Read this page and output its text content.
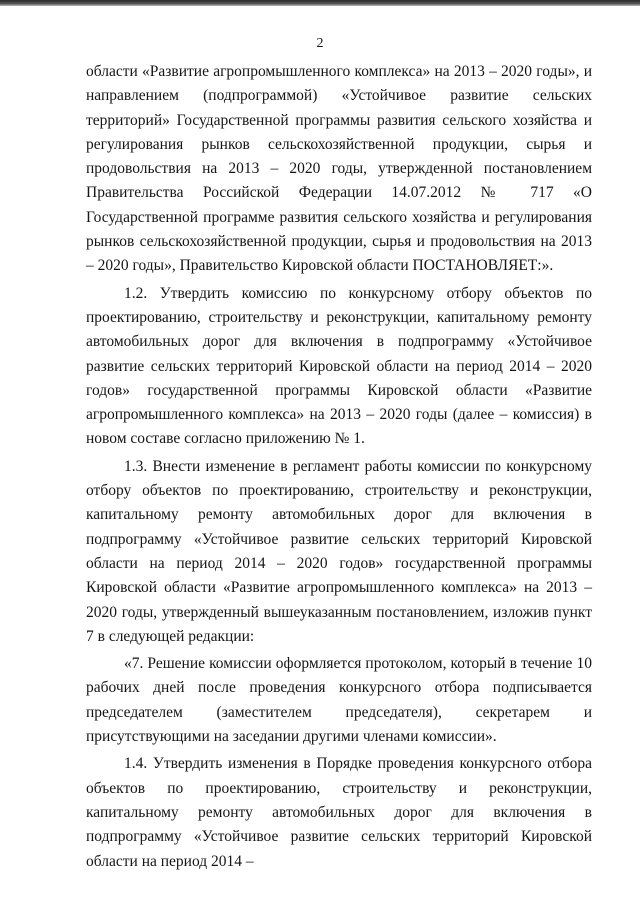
2

области «Развитие агропромышленного комплекса» на 2013 – 2020 годы», и направлением (подпрограммой) «Устойчивое развитие сельских территорий» Государственной программы развития сельского хозяйства и регулирования рынков сельскохозяйственной продукции, сырья и продовольствия на 2013 – 2020 годы, утвержденной постановлением Правительства Российской Федерации 14.07.2012 № 717 «О Государственной программе развития сельского хозяйства и регулирования рынков сельскохозяйственной продукции, сырья и продовольствия на 2013 – 2020 годы», Правительство Кировской области ПОСТАНОВЛЯЕТ:».

1.2. Утвердить комиссию по конкурсному отбору объектов по проектированию, строительству и реконструкции, капитальному ремонту автомобильных дорог для включения в подпрограмму «Устойчивое развитие сельских территорий Кировской области на период 2014 – 2020 годов» государственной программы Кировской области «Развитие агропромышленного комплекса» на 2013 – 2020 годы (далее – комиссия) в новом составе согласно приложению № 1.

1.3. Внести изменение в регламент работы комиссии по конкурсному отбору объектов по проектированию, строительству и реконструкции, капитальному ремонту автомобильных дорог для включения в подпрограмму «Устойчивое развитие сельских территорий Кировской области на период 2014 – 2020 годов» государственной программы Кировской области «Развитие агропромышленного комплекса» на 2013 – 2020 годы, утвержденный вышеуказанным постановлением, изложив пункт 7 в следующей редакции:

«7. Решение комиссии оформляется протоколом, который в течение 10 рабочих дней после проведения конкурсного отбора подписывается председателем (заместителем председателя), секретарем и присутствующими на заседании другими членами комиссии».

1.4. Утвердить изменения в Порядке проведения конкурсного отбора объектов по проектированию, строительству и реконструкции, капитальному ремонту автомобильных дорог для включения в подпрограмму «Устойчивое развитие сельских территорий Кировской области на период 2014 –
